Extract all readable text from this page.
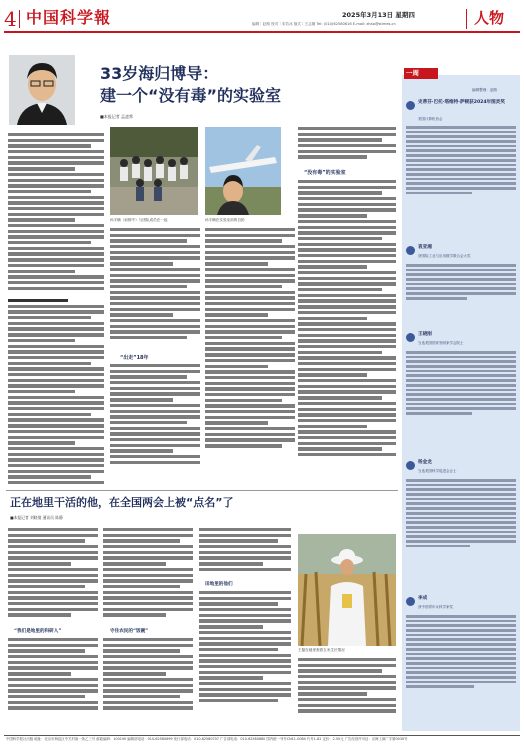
4 中国科学報	2025年3月13日 星期四
编辑｜赵路 校对｜宋若冰 版式｜王志刚 Tel: (010)62580616 E-mail: zhao@stimes.cn	人物
33岁海归博导：
建一个“没有毒”的实验室
■本报记者 孟凌霄
孙宇楠（前排中）与团队成员在一起	孙宇楠在实验室前的自拍
“出走”18年
“没有毒”的实验室
正在地里干活的他，在全国两会上被“点名”了
■本报记者 刘晓倩 通讯员 陈静
“我们是地里的科研人”	守住农民的“饭碗”
田地里的他们
王磊在地里查看玉米生长情况
一周
编辑整理：赵路
史蒂芬·巴托·塔维特·萨顿获2024年图灵奖
美国计算机协会
袁亚湘
获国际工业与应用数学联合会大奖
王晓刚
当选美国国家发明家学会院士
杨金龙
当选美国科学促进会会士
李成
获中国青年女科学家奖
中国科学报社出版 地址：北京市海淀区中关村南一条乙三号 邮政编码：100190 编辑部电话：010-62580699 发行部电话：010-62580707 广告部电话：010-62580680 国内统一刊号CN11-0084 代号1-82 定价：2.50元 广告经营许可证：京海工商广字第0030号
